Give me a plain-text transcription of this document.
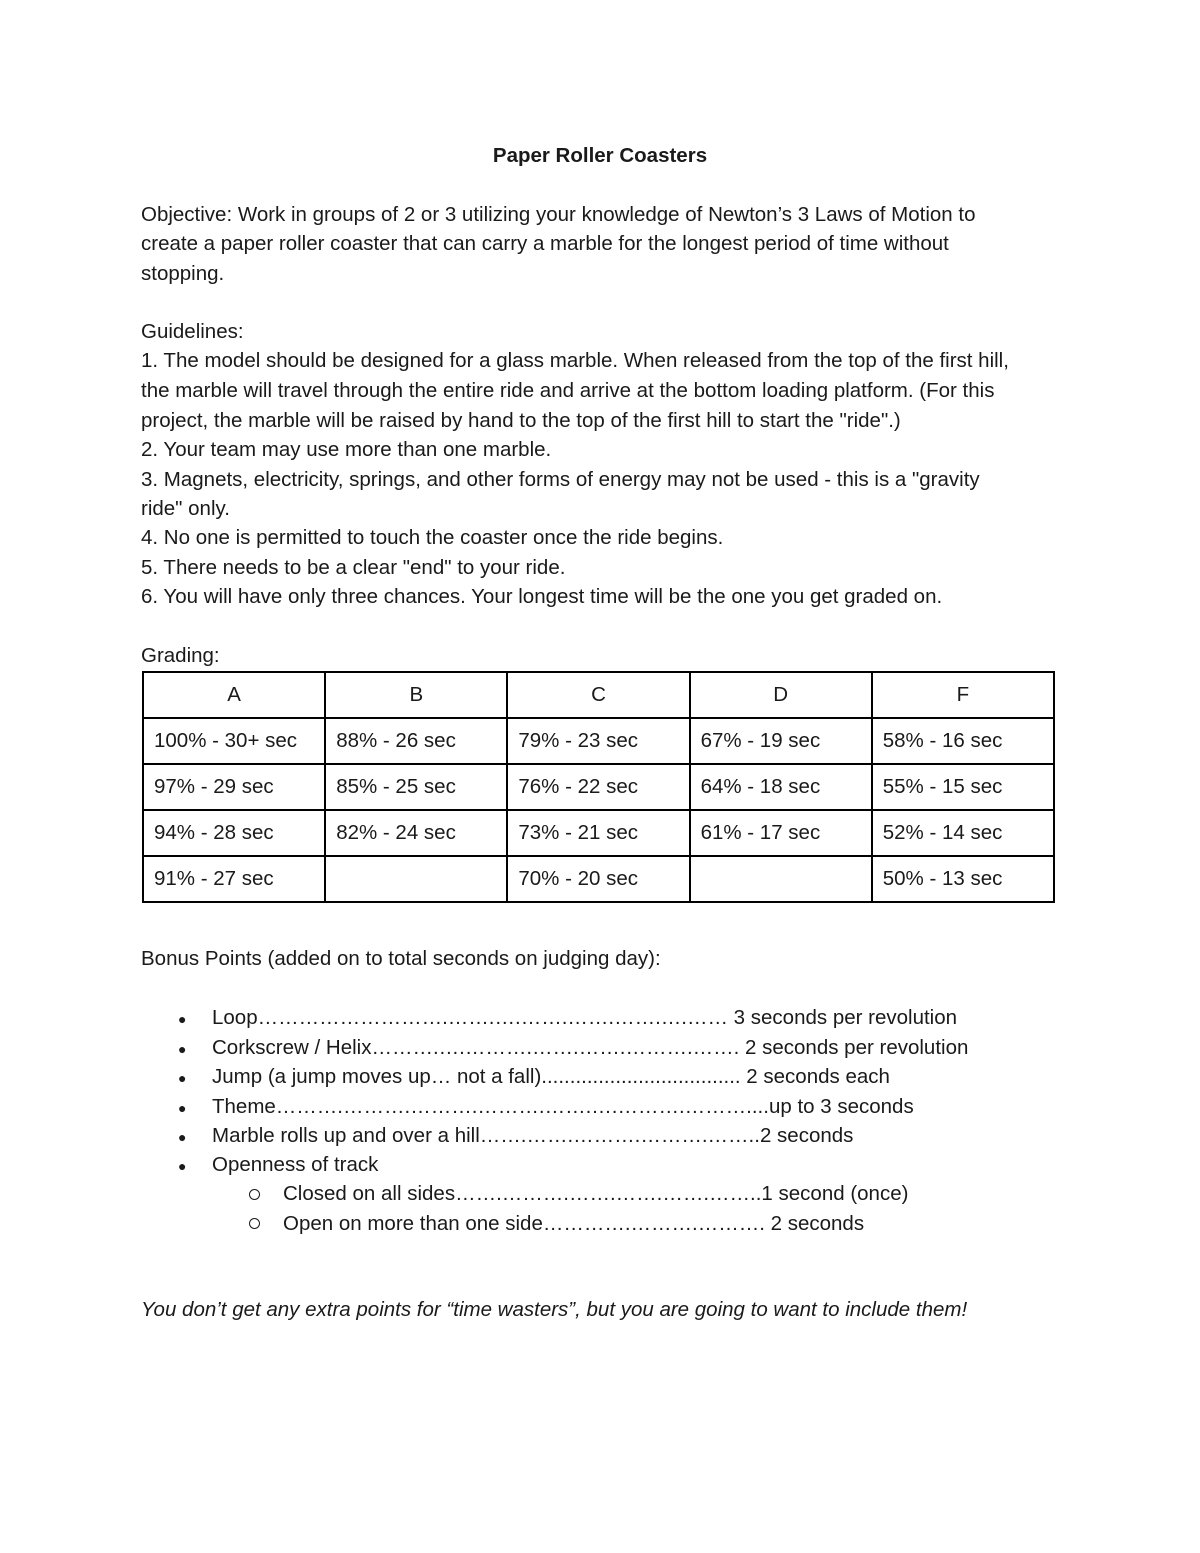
Paper Roller Coasters
Objective: Work in groups of 2 or 3 utilizing your knowledge of Newton’s 3 Laws of Motion to
create a paper roller coaster that can carry a marble for the longest period of time without
stopping.
Guidelines:
1. The model should be designed for a glass marble. When released from the top of the first hill,
the marble will travel through the entire ride and arrive at the bottom loading platform. (For this
project, the marble will be raised by hand to the top of the first hill to start the "ride".)
2. Your team may use more than one marble.
3. Magnets, electricity, springs, and other forms of energy may not be used - this is a "gravity
ride" only.
4. No one is permitted to touch the coaster once the ride begins.
5. There needs to be a clear "end" to your ride.
6. You will have only three chances. Your longest time will be the one you get graded on.
Grading:
A	B	C	D	F
100% - 30+ sec	88% - 26 sec	79% - 23 sec	67% - 19 sec	58% - 16 sec
97% - 29 sec	85% - 25 sec	76% - 22 sec	64% - 18 sec	55% - 15 sec
94% - 28 sec	82% - 24 sec	73% - 21 sec	61% - 17 sec	52% - 14 sec
91% - 27 sec		70% - 20 sec		50% - 13 sec
Bonus Points (added on to total seconds on judging day):
● Loop……………………….…….….…….…….…….….…… 3 seconds per revolution
● Corkscrew / Helix……….….……….…….…….……….……. 2 seconds per revolution
● Jump (a jump moves up… not a fall)................................... 2 seconds each
● Theme……….……….……….……….…….….……….………....up to 3 seconds
● Marble rolls up and over a hill…….…….……….……….……..2 seconds
● Openness of track
Closed on all sides…….……….…….…….…….……..1 second (once)
Open on more than one side………….……….………. 2 seconds
You don’t get any extra points for “time wasters”, but you are going to want to include them!
